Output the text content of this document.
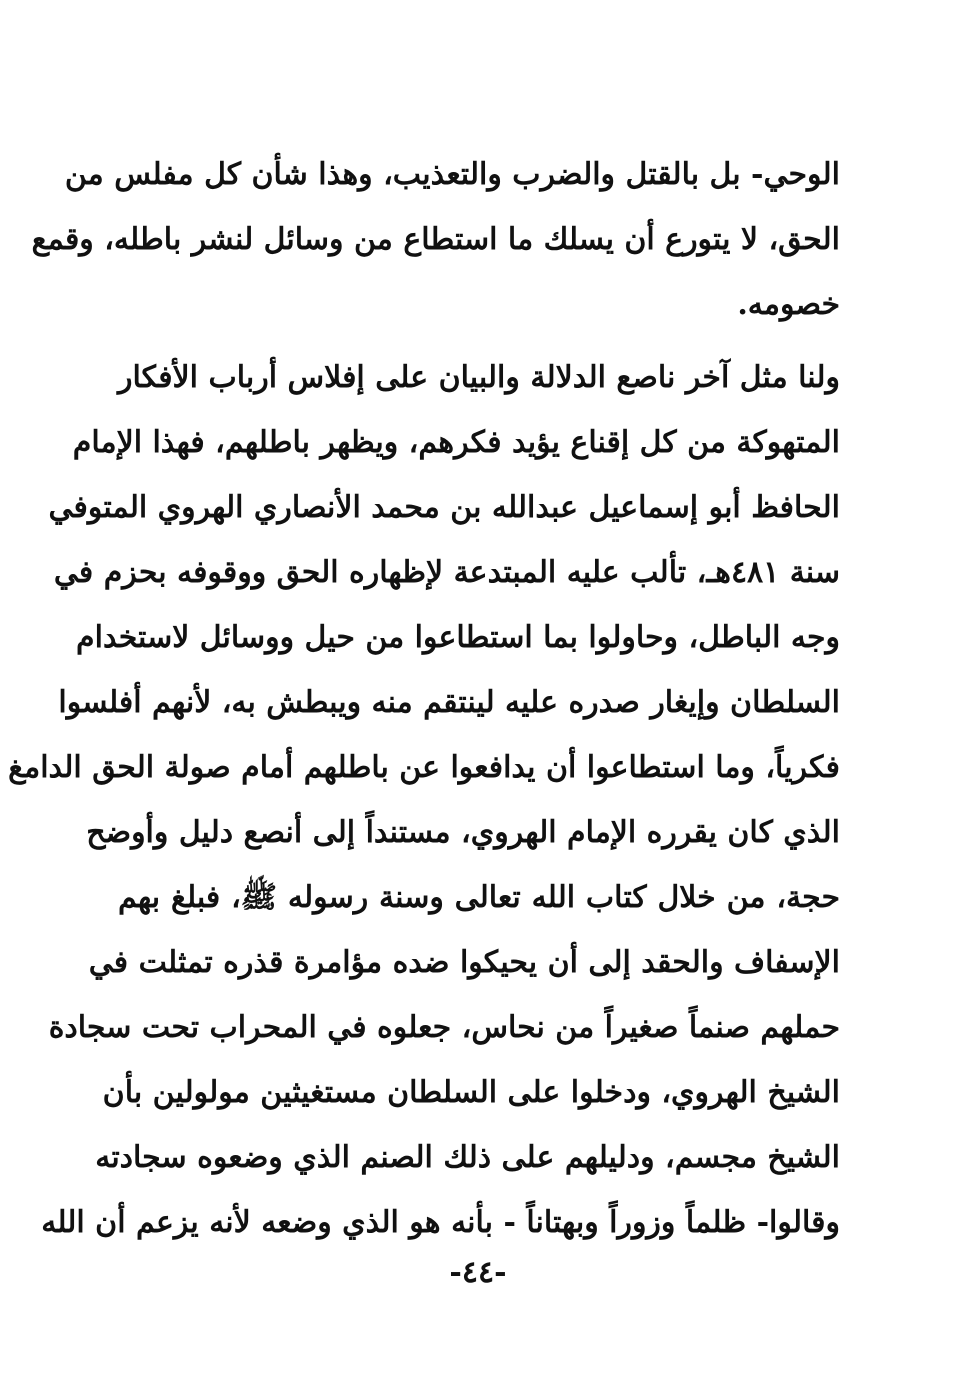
الوحي- بل بالقتل والضرب والتعذيب، وهذا شأن كل مفلس من
الحق، لا يتورع أن يسلك ما استطاع من وسائل لنشر باطله، وقمع
خصومه.
ولنا مثل آخر ناصع الدلالة والبيان على إفلاس أرباب الأفكار
المتهوكة من كل إقناع يؤيد فكرهم، ويظهر باطلهم، فهذا الإمام
الحافظ أبو إسماعيل عبدالله بن محمد الأنصاري الهروي المتوفي
سنة ٤٨١هـ، تألب عليه المبتدعة لإظهاره الحق ووقوفه بحزم في
وجه الباطل، وحاولوا بما استطاعوا من حيل ووسائل لاستخدام
السلطان وإيغار صدره عليه لينتقم منه ويبطش به، لأنهم أفلسوا
فكرياً، وما استطاعوا أن يدافعوا عن باطلهم أمام صولة الحق الدامغ
الذي كان يقرره الإمام الهروي، مستنداً إلى أنصع دليل وأوضح
حجة، من خلال كتاب الله تعالى وسنة رسوله ﷺ، فبلغ بهم
الإسفاف والحقد إلى أن يحيكوا ضده مؤامرة قذره تمثلت في
حملهم صنماً صغيراً من نحاس، جعلوه في المحراب تحت سجادة
الشيخ الهروي، ودخلوا على السلطان مستغيثين مولولين بأن
الشيخ مجسم، ودليلهم على ذلك الصنم الذي وضعوه سجادته
وقالوا- ظلماً وزوراً وبهتاناً - بأنه هو الذي وضعه لأنه يزعم أن الله
-٤٤-
